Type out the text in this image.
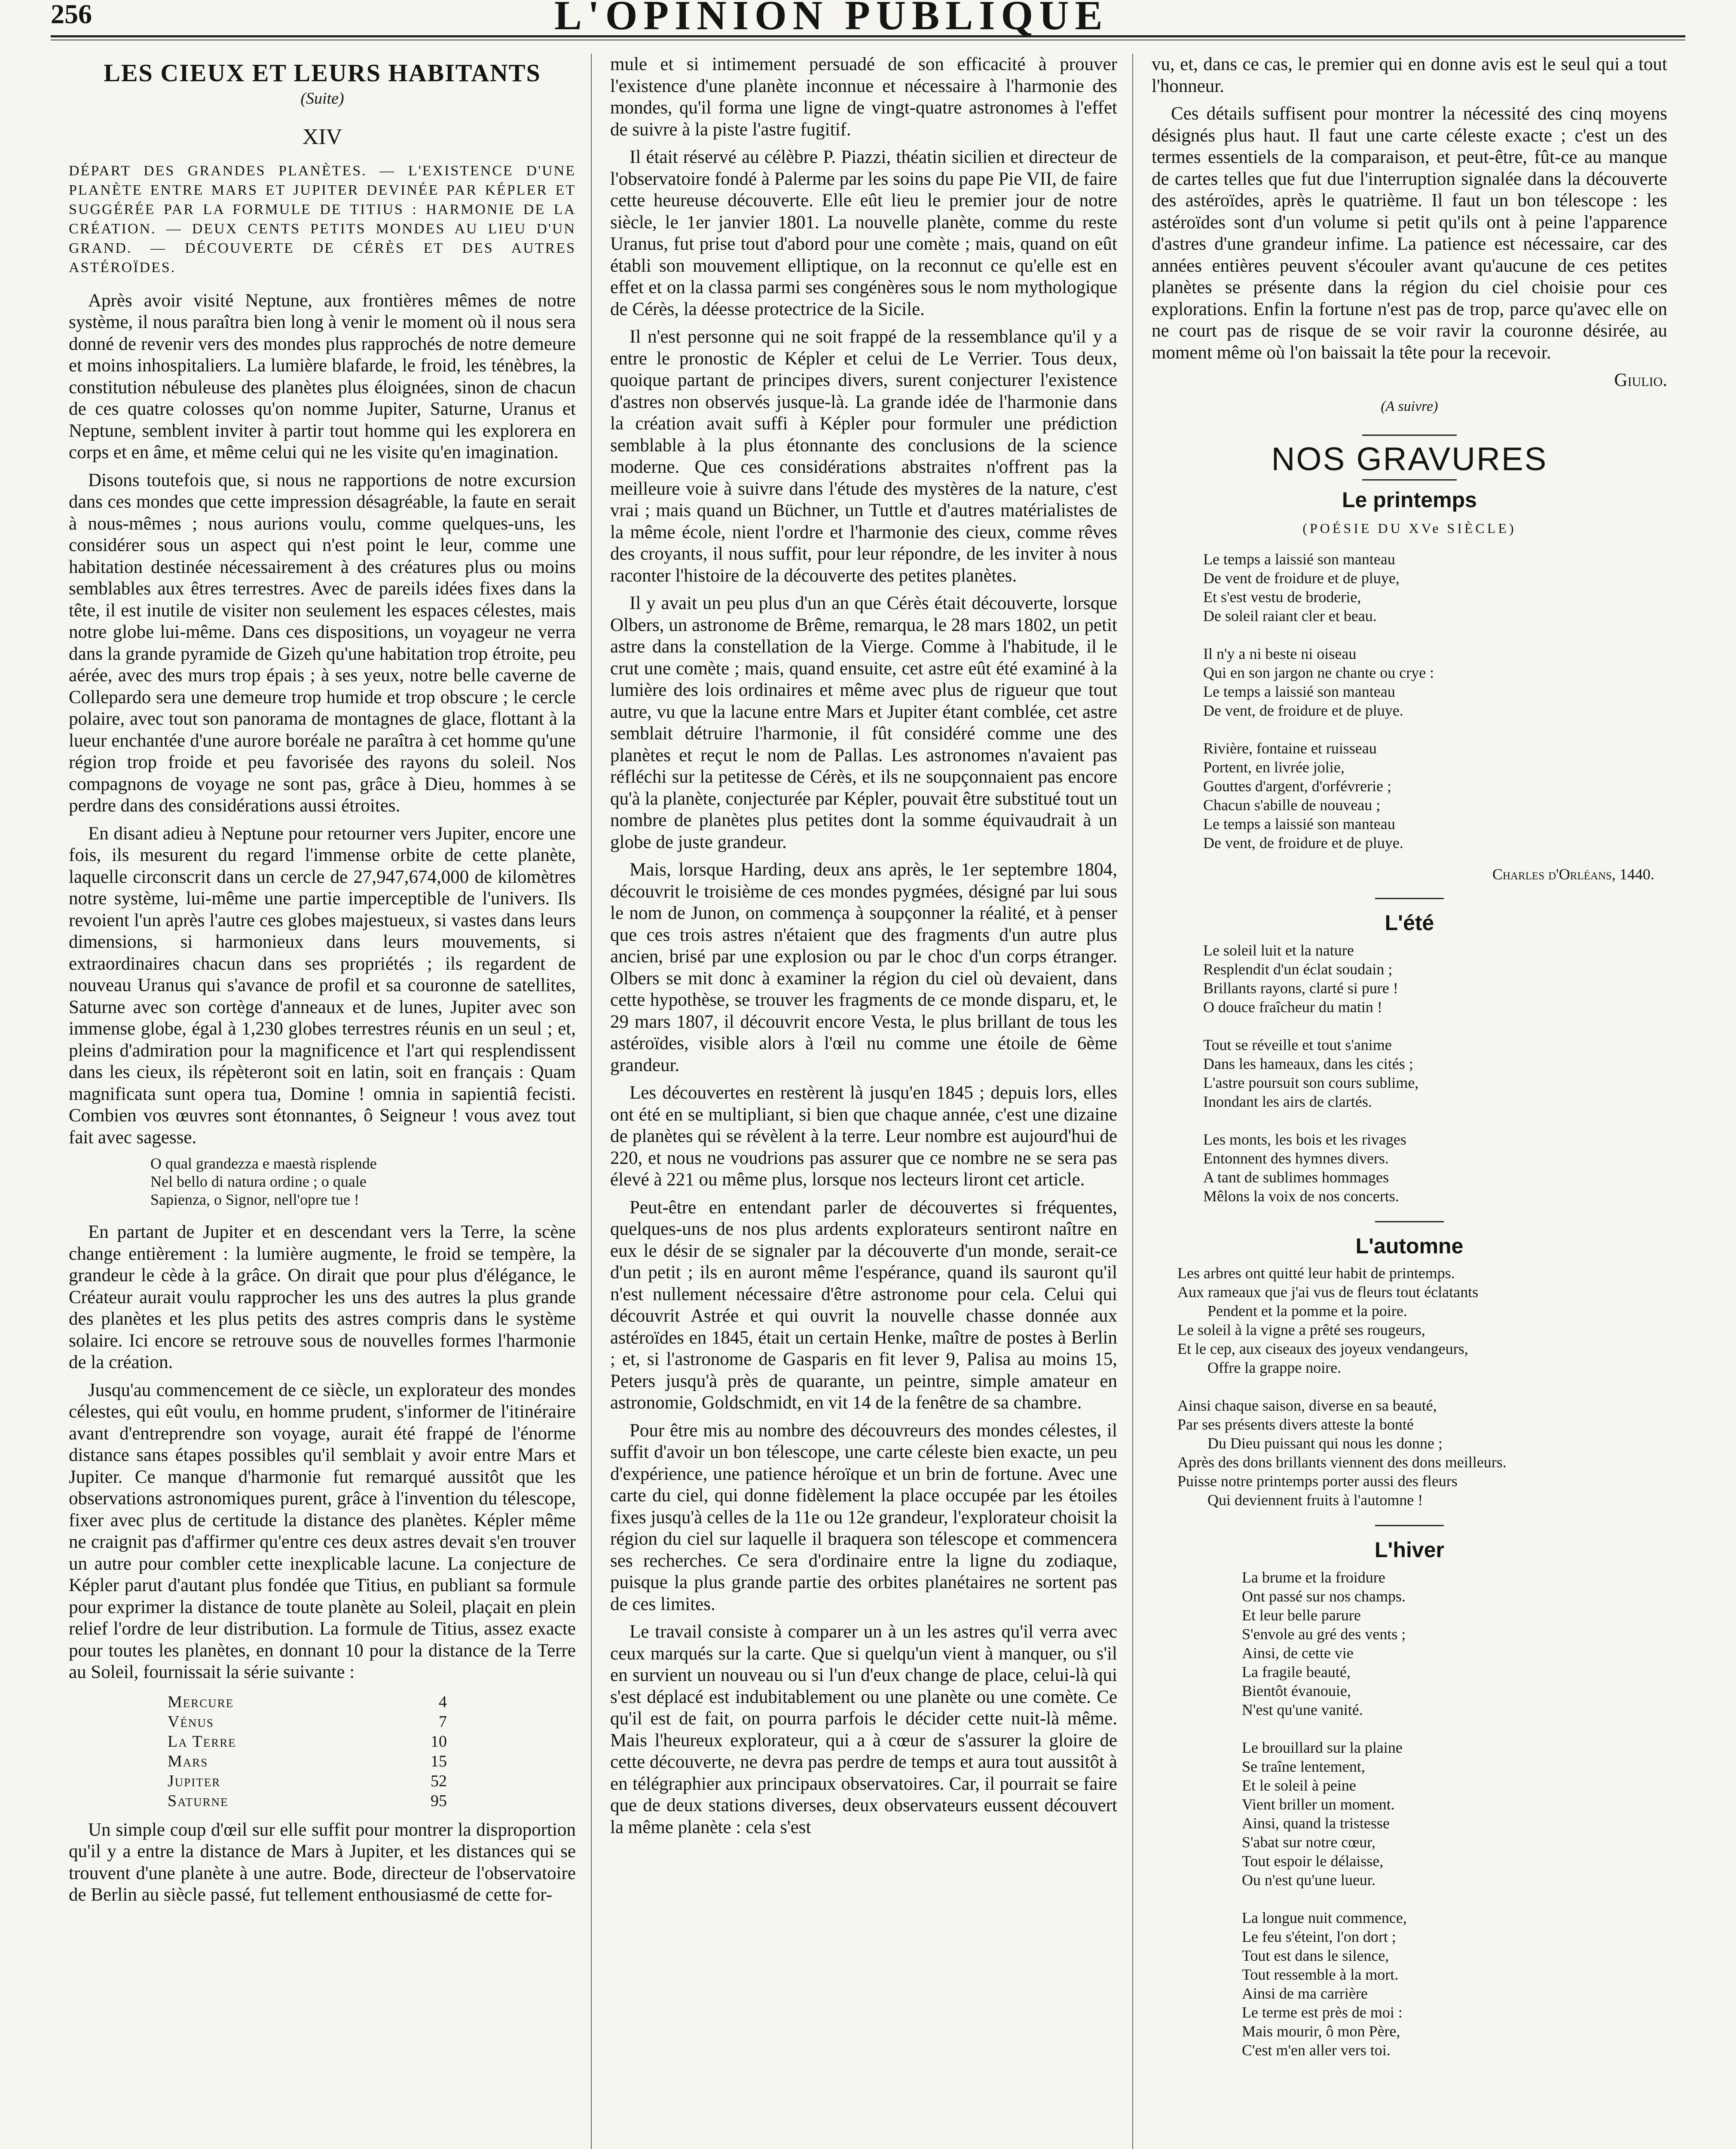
256	L'OPINION PUBLIQUE
LES CIEUX ET LEURS HABITANTS
(Suite)
XIV
DÉPART DES GRANDES PLANÈTES. — L'EXISTENCE D'UNE PLANÈTE ENTRE MARS ET JUPITER DEVINÉE PAR KÉPLER ET SUGGÉRÉE PAR LA FORMULE DE TITIUS : HARMONIE DE LA CRÉATION. — DEUX CENTS PETITS MONDES AU LIEU D'UN GRAND. — DÉCOUVERTE DE CÉRÈS ET DES AUTRES ASTÉROÏDES.

Après avoir visité Neptune, aux frontières mêmes de notre système, il nous paraîtra bien long à venir le moment où il nous sera donné de revenir vers des mondes plus rapprochés de notre demeure et moins inhospitaliers. La lumière blafarde, le froid, les ténèbres, la constitution nébuleuse des planètes plus éloignées, sinon de chacun de ces quatre colosses qu'on nomme Jupiter, Saturne, Uranus et Neptune, semblent inviter à partir tout homme qui les explorera en corps et en âme, et même celui qui ne les visite qu'en imagination.

Disons toutefois que, si nous ne rapportions de notre excursion dans ces mondes que cette impression désagréable, la faute en serait à nous-mêmes ; nous aurions voulu, comme quelques-uns, les considérer sous un aspect qui n'est point le leur, comme une habitation destinée nécessairement à des créatures plus ou moins semblables aux êtres terrestres. Avec de pareils idées fixes dans la tête, il est inutile de visiter non seulement les espaces célestes, mais notre globe lui-même. Dans ces dispositions, un voyageur ne verra dans la grande pyramide de Gizeh qu'une habitation trop étroite, peu aérée, avec des murs trop épais ; à ses yeux, notre belle caverne de Collepardo sera une demeure trop humide et trop obscure ; le cercle polaire, avec tout son panorama de montagnes de glace, flottant à la lueur enchantée d'une aurore boréale ne paraîtra à cet homme qu'une région trop froide et peu favorisée des rayons du soleil. Nos compagnons de voyage ne sont pas, grâce à Dieu, hommes à se perdre dans des considérations aussi étroites.

En disant adieu à Neptune pour retourner vers Jupiter, encore une fois, ils mesurent du regard l'immense orbite de cette planète, laquelle circonscrit dans un cercle de 27,947,674,000 de kilomètres notre système, lui-même une partie imperceptible de l'univers. Ils revoient l'un après l'autre ces globes majestueux, si vastes dans leurs dimensions, si harmonieux dans leurs mouvements, si extraordinaires chacun dans ses propriétés ; ils regardent de nouveau Uranus qui s'avance de profil et sa couronne de satellites, Saturne avec son cortège d'anneaux et de lunes, Jupiter avec son immense globe, égal à 1,230 globes terrestres réunis en un seul ; et, pleins d'admiration pour la magnificence et l'art qui resplendissent dans les cieux, ils répèteront soit en latin, soit en français : Quam magnificata sunt opera tua, Domine ! omnia in sapientiâ fecisti. Combien vos œuvres sont étonnantes, ô Seigneur ! vous avez tout fait avec sagesse.

O qual grandezza e maestà risplende
Nel bello di natura ordine ; o quale
Sapienza, o Signor, nell'opre tue !

En partant de Jupiter et en descendant vers la Terre, la scène change entièrement : la lumière augmente, le froid se tempère, la grandeur le cède à la grâce. On dirait que pour plus d'élégance, le Créateur aurait voulu rapprocher les uns des autres la plus grande des planètes et les plus petits des astres compris dans le système solaire. Ici encore se retrouve sous de nouvelles formes l'harmonie de la création.

Jusqu'au commencement de ce siècle, un explorateur des mondes célestes, qui eût voulu, en homme prudent, s'informer de l'itinéraire avant d'entreprendre son voyage, aurait été frappé de l'énorme distance sans étapes possibles qu'il semblait y avoir entre Mars et Jupiter. Ce manque d'harmonie fut remarqué aussitôt que les observations astronomiques purent, grâce à l'invention du télescope, fixer avec plus de certitude la distance des planètes. Képler même ne craignit pas d'affirmer qu'entre ces deux astres devait s'en trouver un autre pour combler cette inexplicable lacune. La conjecture de Képler parut d'autant plus fondée que Titius, en publiant sa formule pour exprimer la distance de toute planète au Soleil, plaçait en plein relief l'ordre de leur distribution. La formule de Titius, assez exacte pour toutes les planètes, en donnant 10 pour la distance de la Terre au Soleil, fournissait la série suivante :

Mercure	4
Vénus	7
La Terre	10
Mars	15
Jupiter	52
Saturne	95

Un simple coup d'œil sur elle suffit pour montrer la disproportion qu'il y a entre la distance de Mars à Jupiter, et les distances qui se trouvent d'une planète à une autre. Bode, directeur de l'observatoire de Berlin au siècle passé, fut tellement enthousiasmé de cette for-

mule et si intimement persuadé de son efficacité à prouver l'existence d'une planète inconnue et nécessaire à l'harmonie des mondes, qu'il forma une ligne de vingt-quatre astronomes à l'effet de suivre à la piste l'astre fugitif.

Il était réservé au célèbre P. Piazzi, théatin sicilien et directeur de l'observatoire fondé à Palerme par les soins du pape Pie VII, de faire cette heureuse découverte. Elle eût lieu le premier jour de notre siècle, le 1er janvier 1801. La nouvelle planète, comme du reste Uranus, fut prise tout d'abord pour une comète ; mais, quand on eût établi son mouvement elliptique, on la reconnut ce qu'elle est en effet et on la classa parmi ses congénères sous le nom mythologique de Cérès, la déesse protectrice de la Sicile.

Il n'est personne qui ne soit frappé de la ressemblance qu'il y a entre le pronostic de Képler et celui de Le Verrier. Tous deux, quoique partant de principes divers, surent conjecturer l'existence d'astres non observés jusque-là. La grande idée de l'harmonie dans la création avait suffi à Képler pour formuler une prédiction semblable à la plus étonnante des conclusions de la science moderne. Que ces considérations abstraites n'offrent pas la meilleure voie à suivre dans l'étude des mystères de la nature, c'est vrai ; mais quand un Büchner, un Tuttle et d'autres matérialistes de la même école, nient l'ordre et l'harmonie des cieux, comme rêves des croyants, il nous suffit, pour leur répondre, de les inviter à nous raconter l'histoire de la découverte des petites planètes.

Il y avait un peu plus d'un an que Cérès était découverte, lorsque Olbers, un astronome de Brême, remarqua, le 28 mars 1802, un petit astre dans la constellation de la Vierge. Comme à l'habitude, il le crut une comète ; mais, quand ensuite, cet astre eût été examiné à la lumière des lois ordinaires et même avec plus de rigueur que tout autre, vu que la lacune entre Mars et Jupiter étant comblée, cet astre semblait détruire l'harmonie, il fût considéré comme une des planètes et reçut le nom de Pallas. Les astronomes n'avaient pas réfléchi sur la petitesse de Cérès, et ils ne soupçonnaient pas encore qu'à la planète, conjecturée par Képler, pouvait être substitué tout un nombre de planètes plus petites dont la somme équivaudrait à un globe de juste grandeur.

Mais, lorsque Harding, deux ans après, le 1er septembre 1804, découvrit le troisième de ces mondes pygmées, désigné par lui sous le nom de Junon, on commença à soupçonner la réalité, et à penser que ces trois astres n'étaient que des fragments d'un autre plus ancien, brisé par une explosion ou par le choc d'un corps étranger. Olbers se mit donc à examiner la région du ciel où devaient, dans cette hypothèse, se trouver les fragments de ce monde disparu, et, le 29 mars 1807, il découvrit encore Vesta, le plus brillant de tous les astéroïdes, visible alors à l'œil nu comme une étoile de 6ème grandeur.

Les découvertes en restèrent là jusqu'en 1845 ; depuis lors, elles ont été en se multipliant, si bien que chaque année, c'est une dizaine de planètes qui se révèlent à la terre. Leur nombre est aujourd'hui de 220, et nous ne voudrions pas assurer que ce nombre ne se sera pas élevé à 221 ou même plus, lorsque nos lecteurs liront cet article.

Peut-être en entendant parler de découvertes si fréquentes, quelques-uns de nos plus ardents explorateurs sentiront naître en eux le désir de se signaler par la découverte d'un monde, serait-ce d'un petit ; ils en auront même l'espérance, quand ils sauront qu'il n'est nullement nécessaire d'être astronome pour cela. Celui qui découvrit Astrée et qui ouvrit la nouvelle chasse donnée aux astéroïdes en 1845, était un certain Henke, maître de postes à Berlin ; et, si l'astronome de Gasparis en fit lever 9, Palisa au moins 15, Peters jusqu'à près de quarante, un peintre, simple amateur en astronomie, Goldschmidt, en vit 14 de la fenêtre de sa chambre.

Pour être mis au nombre des découvreurs des mondes célestes, il suffit d'avoir un bon télescope, une carte céleste bien exacte, un peu d'expérience, une patience héroïque et un brin de fortune. Avec une carte du ciel, qui donne fidèlement la place occupée par les étoiles fixes jusqu'à celles de la 11e ou 12e grandeur, l'explorateur choisit la région du ciel sur laquelle il braquera son télescope et commencera ses recherches. Ce sera d'ordinaire entre la ligne du zodiaque, puisque la plus grande partie des orbites planétaires ne sortent pas de ces limites.

Le travail consiste à comparer un à un les astres qu'il verra avec ceux marqués sur la carte. Que si quelqu'un vient à manquer, ou s'il en survient un nouveau ou si l'un d'eux change de place, celui-là qui s'est déplacé est indubitablement ou une planète ou une comète. Ce qu'il est de fait, on pourra parfois le décider cette nuit-là même. Mais l'heureux explorateur, qui a à cœur de s'assurer la gloire de cette découverte, ne devra pas perdre de temps et aura tout aussitôt à en télégraphier aux principaux observatoires. Car, il pourrait se faire que de deux stations diverses, deux observateurs eussent découvert la même planète : cela s'est

vu, et, dans ce cas, le premier qui en donne avis est le seul qui a tout l'honneur.

Ces détails suffisent pour montrer la nécessité des cinq moyens désignés plus haut. Il faut une carte céleste exacte ; c'est un des termes essentiels de la comparaison, et peut-être, fût-ce au manque de cartes telles que fut due l'interruption signalée dans la découverte des astéroïdes, après le quatrième. Il faut un bon télescope : les astéroïdes sont d'un volume si petit qu'ils ont à peine l'apparence d'astres d'une grandeur infime. La patience est nécessaire, car des années entières peuvent s'écouler avant qu'aucune de ces petites planètes se présente dans la région du ciel choisie pour ces explorations. Enfin la fortune n'est pas de trop, parce qu'avec elle on ne court pas de risque de se voir ravir la couronne désirée, au moment même où l'on baissait la tête pour la recevoir.

Giulio.

(A suivre)
NOS GRAVURES
Le printemps
(POÉSIE DU XVe SIÈCLE)
Le temps a laissié son manteau
De vent de froidure et de pluye,
Et s'est vestu de broderie,
De soleil raiant cler et beau.
Il n'y a ni beste ni oiseau
Qui en son jargon ne chante ou crye :
Le temps a laissié son manteau
De vent, de froidure et de pluye.
Rivière, fontaine et ruisseau
Portent, en livrée jolie,
Gouttes d'argent, d'orfévrerie ;
Chacun s'abille de nouveau ;
Le temps a laissié son manteau
De vent, de froidure et de pluye.
Charles d'Orléans, 1440.
L'été
Le soleil luit et la nature
Resplendit d'un éclat soudain ;
Brillants rayons, clarté si pure !
O douce fraîcheur du matin !
Tout se réveille et tout s'anime
Dans les hameaux, dans les cités ;
L'astre poursuit son cours sublime,
Inondant les airs de clartés.
Les monts, les bois et les rivages
Entonnent des hymnes divers.
A tant de sublimes hommages
Mêlons la voix de nos concerts.
L'automne
Les arbres ont quitté leur habit de printemps.
Aux rameaux que j'ai vus de fleurs tout éclatants
Pendent et la pomme et la poire.
Le soleil à la vigne a prêté ses rougeurs,
Et le cep, aux ciseaux des joyeux vendangeurs,
Offre la grappe noire.
Ainsi chaque saison, diverse en sa beauté,
Par ses présents divers atteste la bonté
Du Dieu puissant qui nous les donne ;
Après des dons brillants viennent des dons meilleurs.
Puisse notre printemps porter aussi des fleurs
Qui deviennent fruits à l'automne !
L'hiver
La brume et la froidure
Ont passé sur nos champs.
Et leur belle parure
S'envole au gré des vents ;
Ainsi, de cette vie
La fragile beauté,
Bientôt évanouie,
N'est qu'une vanité.
Le brouillard sur la plaine
Se traîne lentement,
Et le soleil à peine
Vient briller un moment.
Ainsi, quand la tristesse
S'abat sur notre cœur,
Tout espoir le délaisse,
Ou n'est qu'une lueur.
La longue nuit commence,
Le feu s'éteint, l'on dort ;
Tout est dans le silence,
Tout ressemble à la mort.
Ainsi de ma carrière
Le terme est près de moi :
Mais mourir, ô mon Père,
C'est m'en aller vers toi.
